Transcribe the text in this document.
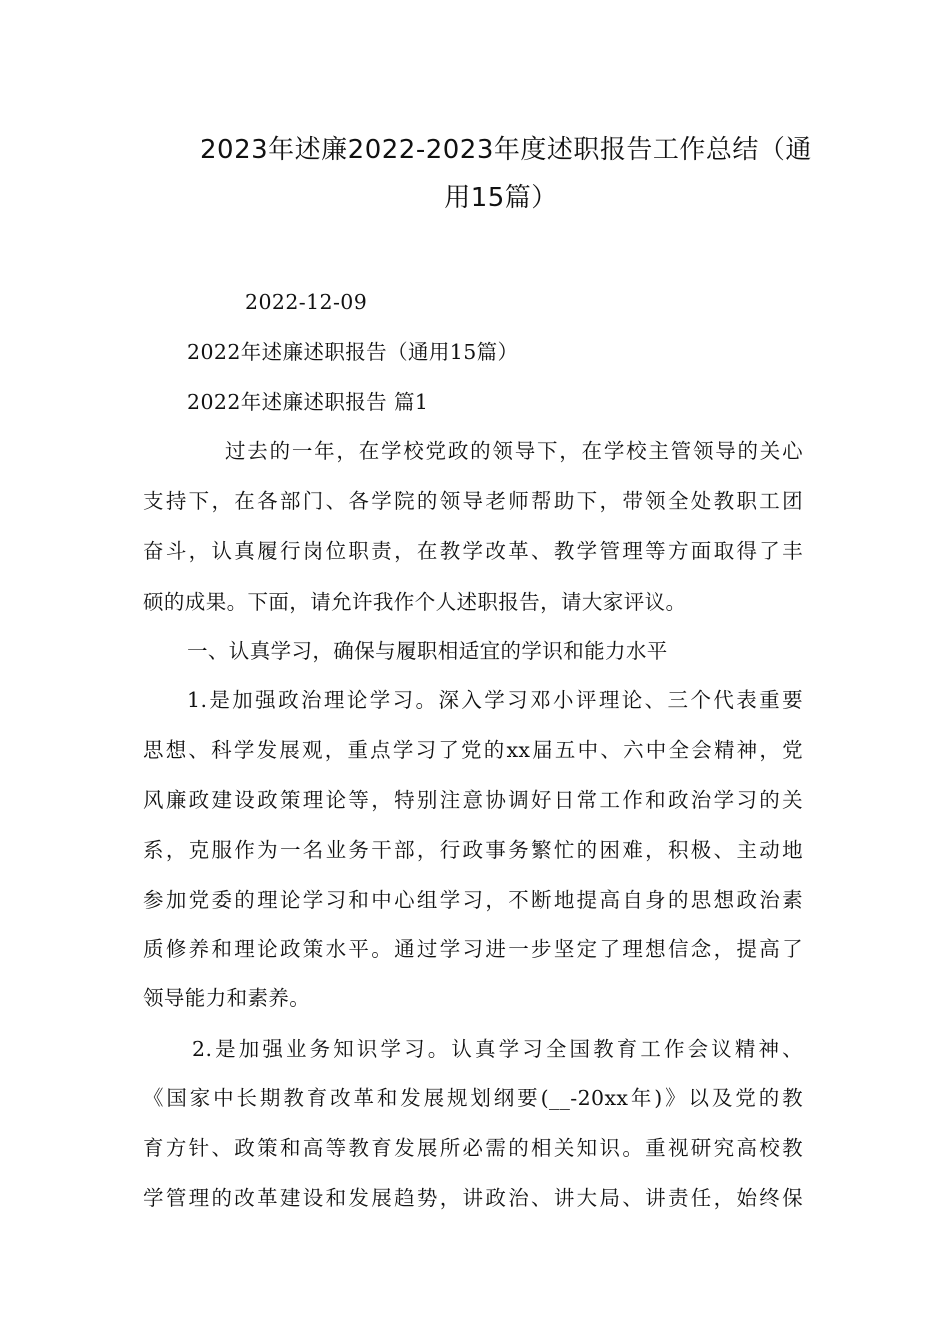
2023年述廉2022-2023年度述职报告工作总结（通
用15篇）
2022-12-09
2022年述廉述职报告（通用15篇）
2022年述廉述职报告 篇1
过去的一年，在学校党政的领导下，在学校主管领导的关心
支持下，在各部门、各学院的领导老师帮助下，带领全处教职工团
奋斗，认真履行岗位职责，在教学改革、教学管理等方面取得了丰
硕的成果。下面，请允许我作个人述职报告，请大家评议。
一、认真学习，确保与履职相适宜的学识和能力水平
1.是加强政治理论学习。深入学习邓小评理论、三个代表重要
思想、科学发展观，重点学习了党的xx届五中、六中全会精神，党
风廉政建设政策理论等，特别注意协调好日常工作和政治学习的关
系，克服作为一名业务干部，行政事务繁忙的困难，积极、主动地
参加党委的理论学习和中心组学习，不断地提高自身的思想政治素
质修养和理论政策水平。通过学习进一步坚定了理想信念，提高了
领导能力和素养。
2.是加强业务知识学习。认真学习全国教育工作会议精神、
《国家中长期教育改革和发展规划纲要(__-20xx年)》以及党的教
育方针、政策和高等教育发展所必需的相关知识。重视研究高校教
学管理的改革建设和发展趋势，讲政治、讲大局、讲责任，始终保
